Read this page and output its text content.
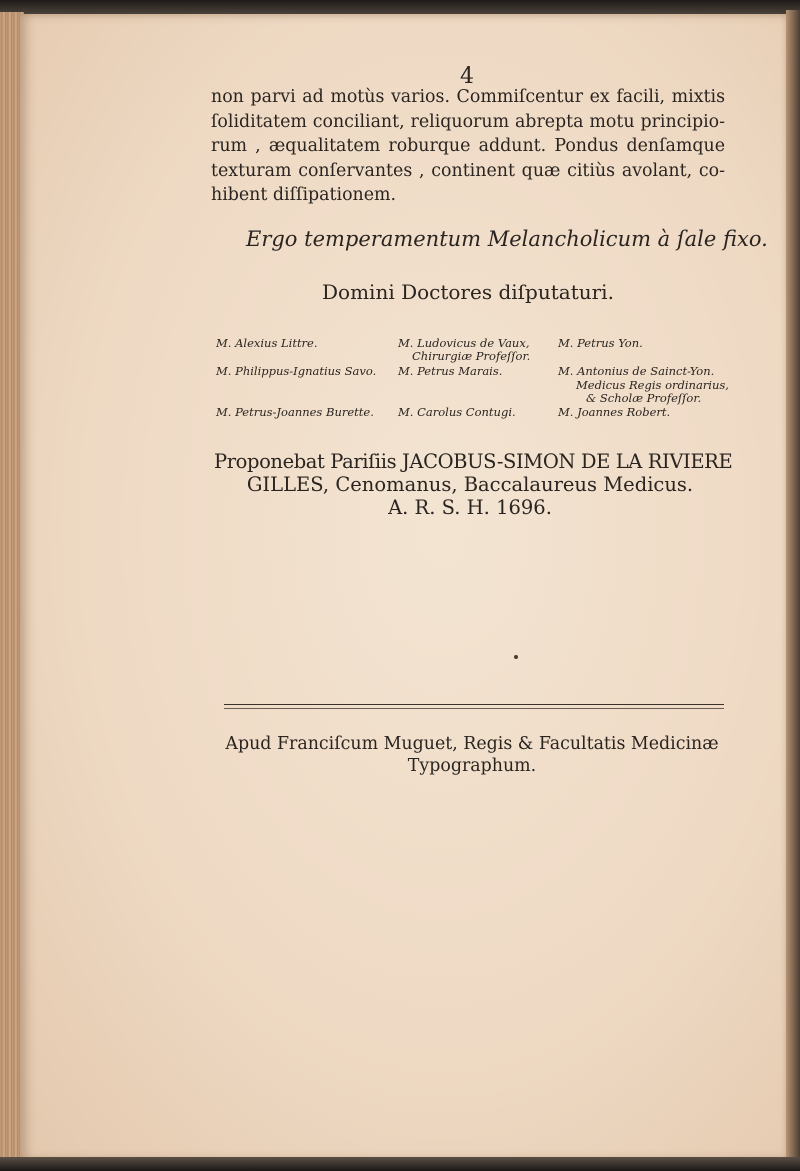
4
non parvi ad motùs varios. Commiſcentur ex facili, mixtis
ſoliditatem conciliant, reliquorum abrepta motu principio-
rum , æqualitatem roburque addunt. Pondus denſamque
texturam conſervantes , continent quæ citiùs avolant, co-
hibent diſſipationem.
Ergo temperamentum Melancholicum à ſale fixo.
Domini Doctores diſputaturi.
M. Alexius Littre.
M. Philippus-Ignatius Savo.
M. Petrus-Joannes Burette.
M. Ludovicus de Vaux,
Chirurgiæ Profeſſor.
M. Petrus Marais.
M. Carolus Contugi.
M. Petrus Yon.
M. Antonius de Sainct-Yon.
Medicus Regis ordinarius,
& Scholæ Profeſſor.
M. Joannes Robert.
Proponebat Pariſiis JACOBUS-SIMON DE LA RIVIERE
GILLES, Cenomanus, Baccalaureus Medicus.
A. R. S. H. 1696.
Apud Franciſcum Muguet, Regis & Facultatis Medicinæ
Typographum.
